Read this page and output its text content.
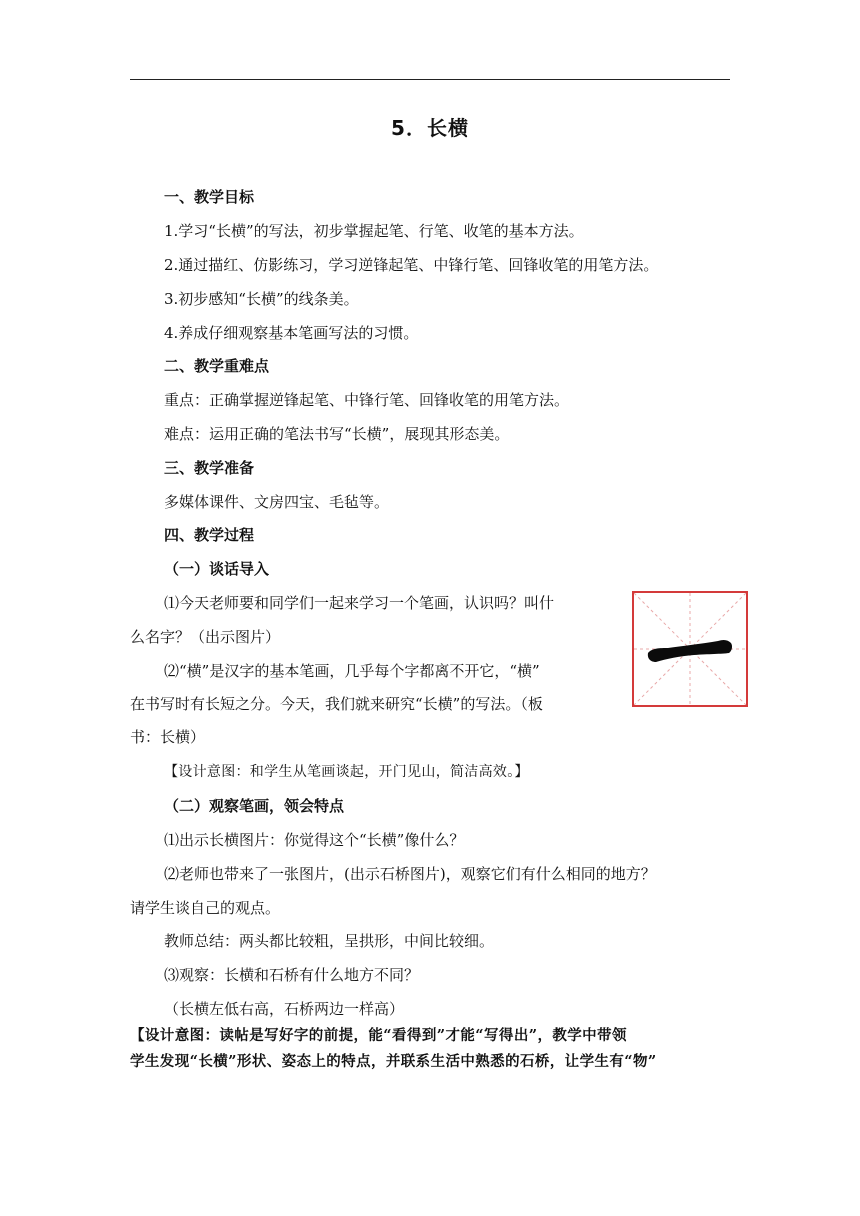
5．长横
一、教学目标
1.学习“长横”的写法，初步掌握起笔、行笔、收笔的基本方法。
2.通过描红、仿影练习，学习逆锋起笔、中锋行笔、回锋收笔的用笔方法。
3.初步感知“长横”的线条美。
4.养成仔细观察基本笔画写法的习惯。
二、教学重难点
重点：正确掌握逆锋起笔、中锋行笔、回锋收笔的用笔方法。
难点：运用正确的笔法书写“长横”，展现其形态美。
三、教学准备
多媒体课件、文房四宝、毛毡等。
四、教学过程
（一）谈话导入
⑴今天老师要和同学们一起来学习一个笔画，认识吗？叫什
么名字？（出示图片）
⑵“横”是汉字的基本笔画，几乎每个字都离不开它，“横”
在书写时有长短之分。今天，我们就来研究“长横”的写法。（板
书：长横）
【设计意图：和学生从笔画谈起，开门见山，简洁高效。】
（二）观察笔画，领会特点
⑴出示长横图片：你觉得这个“长横”像什么？
⑵老师也带来了一张图片，(出示石桥图片)，观察它们有什么相同的地方？
请学生谈自己的观点。
教师总结：两头都比较粗，呈拱形，中间比较细。
⑶观察：长横和石桥有什么地方不同？
（长横左低右高，石桥两边一样高）
【设计意图：读帖是写好字的前提，能“看得到”才能“写得出”，教学中带领
学生发现“长横”形状、姿态上的特点，并联系生活中熟悉的石桥，让学生有“物”
